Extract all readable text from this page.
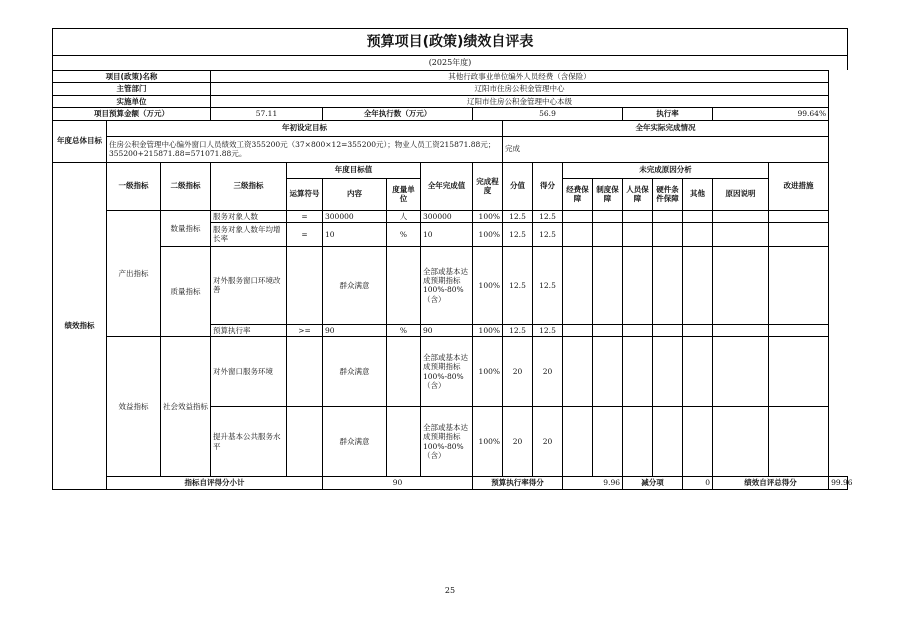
预算项目(政策)绩效自评表
(2025年度)
项目(政策)名称			其他行政事业单位编外人员经费（含保险）															
主管部门			辽阳市住房公积金管理中心															
实施单位			辽阳市住房公积金管理中心本级															
项目预算金额（万元）			57.11		全年执行数（万元）			56.9					执行率			99.64%		
年度总体目标	年初设定目标								全年实际完成情况									
	住房公积金管理中心编外窗口人员绩效工资355200元（37×800×12=355200元）；物业人员工资215871.88元；355200+215871.88=571071.88元。								完成									
绩效指标	一级指标	二级指标	三级指标	年度目标值			全年完成值	完成程度	分值	得分	未完成原因分析						改进措施	
				运算符号	内容	度量单位					经费保障	制度保障	人员保障	硬件条件保障	其他	原因说明		
	产出指标	数量指标	服务对象人数	=	300000	人	300000	100%	12.5	12.5								
			服务对象人数年均增长率	=	10	%	10	100%	12.5	12.5								

		质量指标	对外服务窗口环境改善		群众满意		全部或基本达成预期指标100%-80%（含）	100%	12.5	12.5								

			预算执行率	>=	90	%	90	100%	12.5	12.5								
	效益指标	社会效益指标	对外窗口服务环境		群众满意		全部或基本达成预期指标100%-80%（含）	100%	20	20								
			提升基本公共服务水平		群众满意		全部或基本达成预期指标100%-80%（含）	100%	20	20								
	指标自评得分小计				90			预算执行率得分			9.96		减分项		0	绩效自评总得分		99.96
25
